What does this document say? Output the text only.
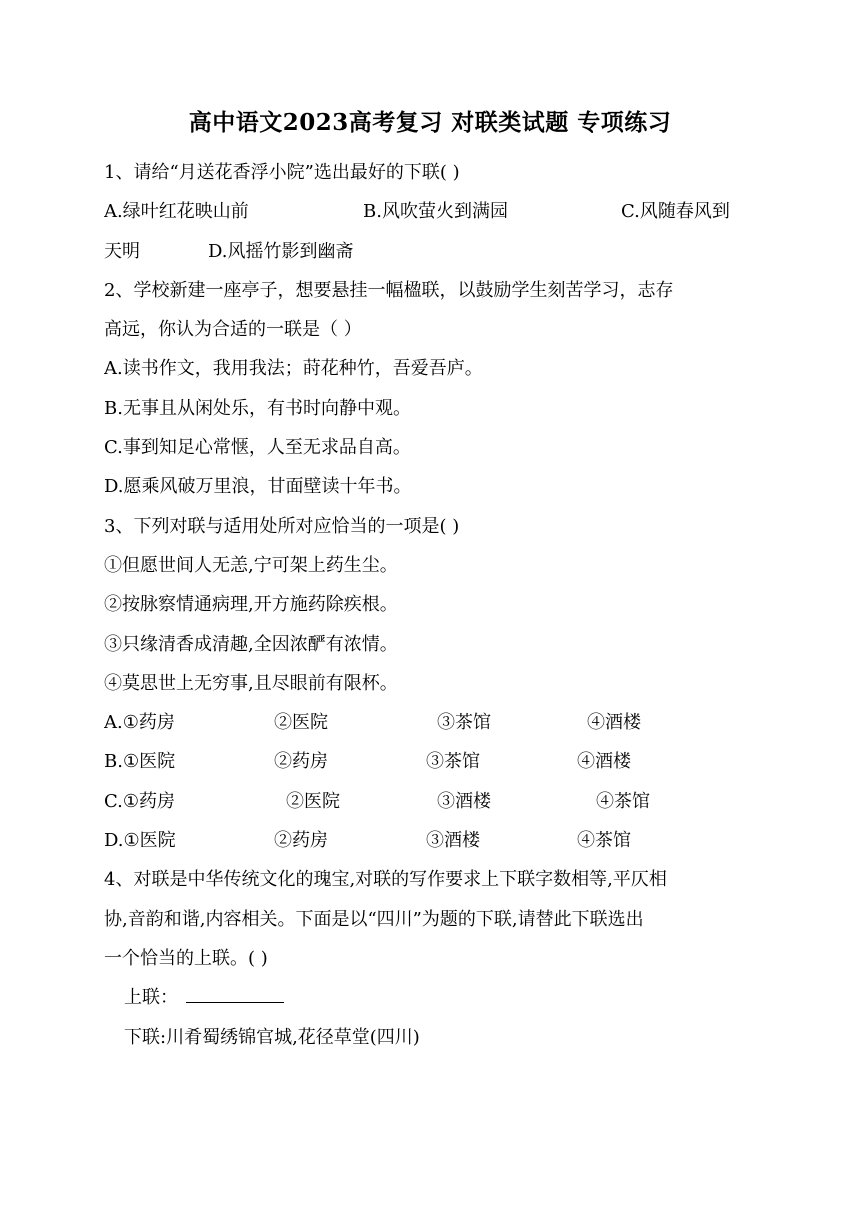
高中语文2023高考复习 对联类试题 专项练习
1、请给“月送花香浮小院”选出最好的下联( )
A.绿叶红花映山前	B.风吹萤火到满园	C.风随春风到
天明	D.风摇竹影到幽斋
2、学校新建一座亭子，想要悬挂一幅楹联，以鼓励学生刻苦学习，志存
高远，你认为合适的一联是（ ）
A.读书作文，我用我法；莳花种竹，吾爱吾庐。
B.无事且从闲处乐，有书时向静中观。
C.事到知足心常惬，人至无求品自高。
D.愿乘风破万里浪，甘面壁读十年书。
3、下列对联与适用处所对应恰当的一项是( )
①但愿世间人无恙,宁可架上药生尘。
②按脉察情通病理,开方施药除疾根。
③只缘清香成清趣,全因浓酽有浓情。
④莫思世上无穷事,且尽眼前有限杯。
A.①药房	②医院	③茶馆	④酒楼
B.①医院	②药房	③茶馆	④酒楼
C.①药房	②医院	③酒楼	④茶馆
D.①医院	②药房	③酒楼	④茶馆
4、对联是中华传统文化的瑰宝,对联的写作要求上下联字数相等,平仄相
协,音韵和谐,内容相关。下面是以“四川”为题的下联,请替此下联选出
一个恰当的上联。( )
上联：
下联:川肴蜀绣锦官城,花径草堂(四川)
